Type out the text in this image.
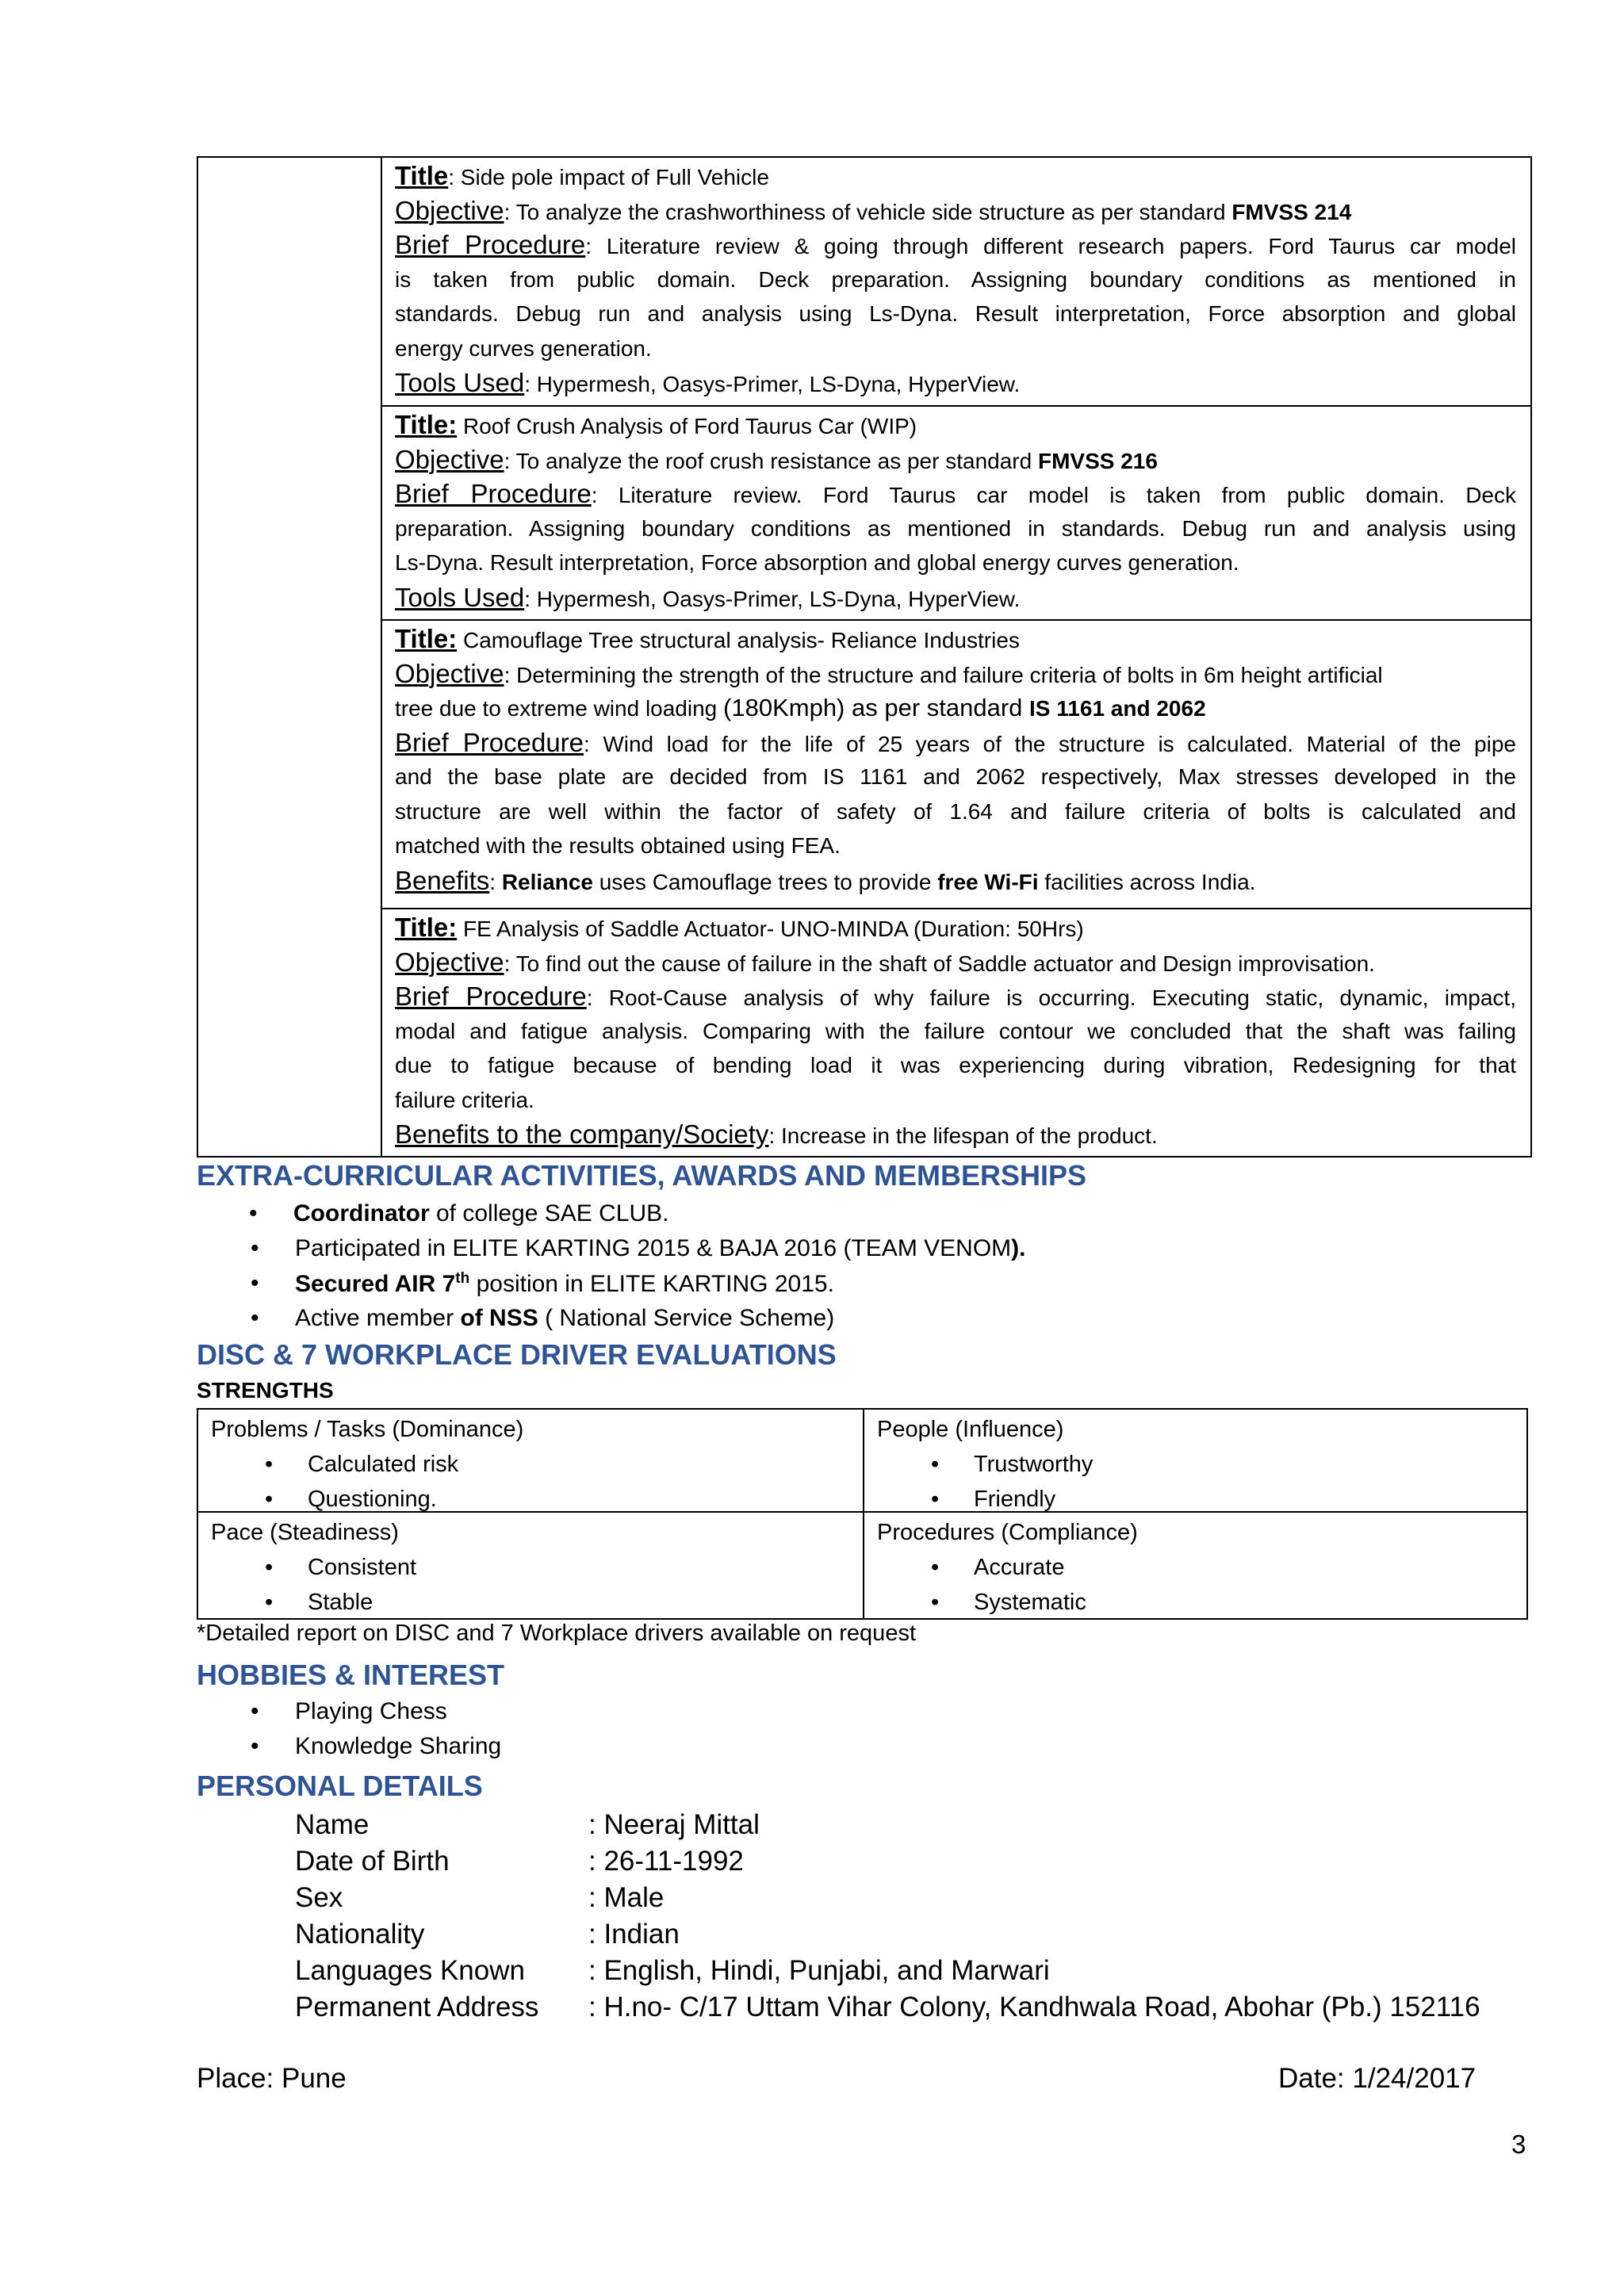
Title: Side pole impact of Full Vehicle
Objective: To analyze the crashworthiness of vehicle side structure as per standard FMVSS 214
Brief Procedure: Literature review & going through different research papers. Ford Taurus car model
is taken from public domain. Deck preparation. Assigning boundary conditions as mentioned in
standards. Debug run and analysis using Ls-Dyna. Result interpretation, Force absorption and global
energy curves generation.
Tools Used: Hypermesh, Oasys-Primer, LS-Dyna, HyperView.
Title: Roof Crush Analysis of Ford Taurus Car (WIP)
Objective: To analyze the roof crush resistance as per standard FMVSS 216
Brief Procedure: Literature review. Ford Taurus car model is taken from public domain. Deck
preparation. Assigning boundary conditions as mentioned in standards. Debug run and analysis using
Ls-Dyna. Result interpretation, Force absorption and global energy curves generation.
Tools Used: Hypermesh, Oasys-Primer, LS-Dyna, HyperView.
Title: Camouflage Tree structural analysis- Reliance Industries
Objective: Determining the strength of the structure and failure criteria of bolts in 6m height artificial
tree due to extreme wind loading (180Kmph) as per standard IS 1161 and 2062
Brief Procedure: Wind load for the life of 25 years of the structure is calculated. Material of the pipe
and the base plate are decided from IS 1161 and 2062 respectively, Max stresses developed in the
structure are well within the factor of safety of 1.64 and failure criteria of bolts is calculated and
matched with the results obtained using FEA.
Benefits: Reliance uses Camouflage trees to provide free Wi-Fi facilities across India.
Title: FE Analysis of Saddle Actuator- UNO-MINDA (Duration: 50Hrs)
Objective: To find out the cause of failure in the shaft of Saddle actuator and Design improvisation.
Brief Procedure: Root-Cause analysis of why failure is occurring. Executing static, dynamic, impact,
modal and fatigue analysis. Comparing with the failure contour we concluded that the shaft was failing
due to fatigue because of bending load it was experiencing during vibration, Redesigning for that
failure criteria.
Benefits to the company/Society: Increase in the lifespan of the product.
EXTRA-CURRICULAR ACTIVITIES, AWARDS AND MEMBERSHIPS
• Coordinator of college SAE CLUB.
• Participated in ELITE KARTING 2015 & BAJA 2016 (TEAM VENOM).
• Secured AIR 7th position in ELITE KARTING 2015.
• Active member of NSS ( National Service Scheme)
DISC & 7 WORKPLACE DRIVER EVALUATIONS
STRENGTHS
Problems / Tasks (Dominance)
• Calculated risk
• Questioning.
People (Influence)
• Trustworthy
• Friendly
Pace (Steadiness)
• Consistent
• Stable
Procedures (Compliance)
• Accurate
• Systematic
*Detailed report on DISC and 7 Workplace drivers available on request
HOBBIES & INTEREST
• Playing Chess
• Knowledge Sharing
PERSONAL DETAILS
Name	: Neeraj Mittal
Date of Birth	: 26-11-1992
Sex	: Male
Nationality	: Indian
Languages Known : English, Hindi, Punjabi, and Marwari
Permanent Address : H.no- C/17 Uttam Vihar Colony, Kandhwala Road, Abohar (Pb.) 152116
Place: Pune	Date: 1/24/2017
3
